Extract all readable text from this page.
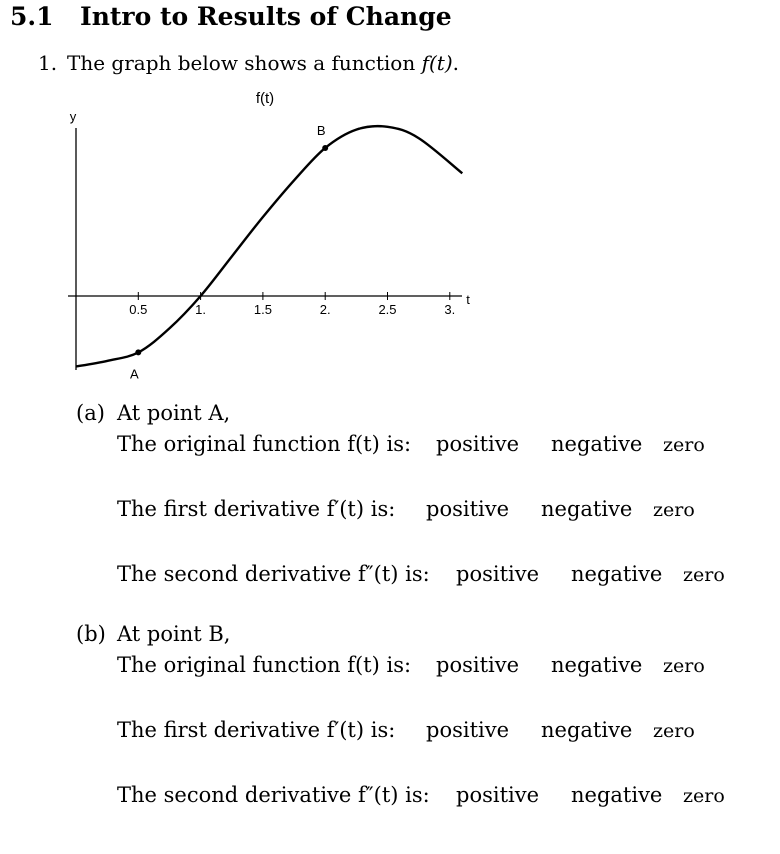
5.1 Intro to Results of Change
1. The graph below shows a function f(t).
f(t)
y
t
0.5	1.	1.5	2.	2.5	3.
A
B
(a) At point A,
The original function f(t) is: positive negative zero
The first derivative f′(t) is: positive negative zero
The second derivative f″(t) is: positive negative zero
(b) At point B,
The original function f(t) is: positive negative zero
The first derivative f′(t) is: positive negative zero
The second derivative f″(t) is: positive negative zero
